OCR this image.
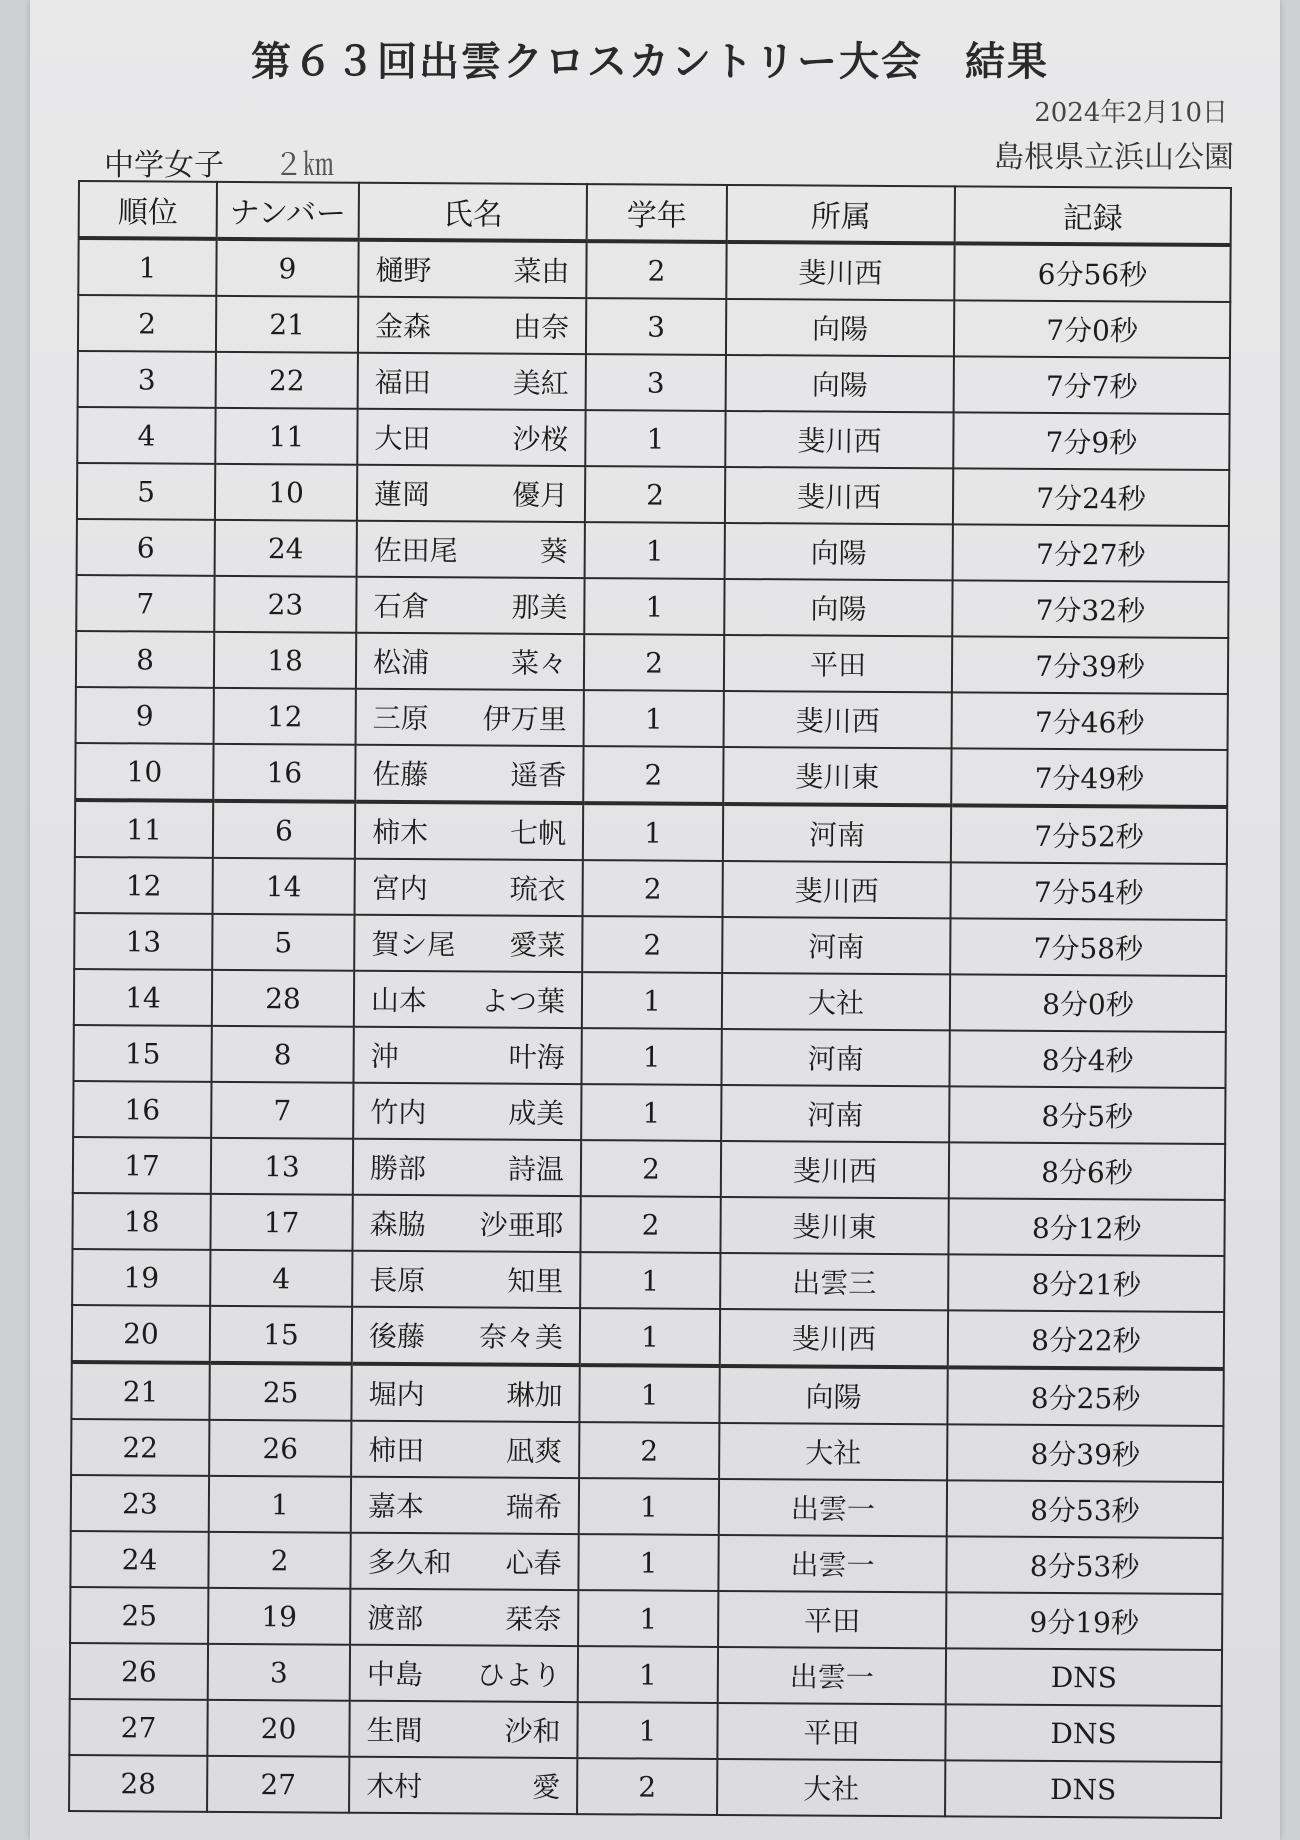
第６３回出雲クロスカントリー大会　結果
2024年2月10日
島根県立浜山公園
中学女子 ２㎞
順位	ナンバー	氏名	学年	所属	記録
1	9	樋野 菜由	2	斐川西	6分56秒
2	21	金森 由奈	3	向陽	7分0秒
3	22	福田 美紅	3	向陽	7分7秒
4	11	大田 沙桜	1	斐川西	7分9秒
5	10	蓮岡 優月	2	斐川西	7分24秒
6	24	佐田尾 葵	1	向陽	7分27秒
7	23	石倉 那美	1	向陽	7分32秒
8	18	松浦 菜々	2	平田	7分39秒
9	12	三原 伊万里	1	斐川西	7分46秒
10	16	佐藤 遥香	2	斐川東	7分49秒
11	6	柿木 七帆	1	河南	7分52秒
12	14	宮内 琉衣	2	斐川西	7分54秒
13	5	賀シ尾 愛菜	2	河南	7分58秒
14	28	山本 よつ葉	1	大社	8分0秒
15	8	沖 叶海	1	河南	8分4秒
16	7	竹内 成美	1	河南	8分5秒
17	13	勝部 詩温	2	斐川西	8分6秒
18	17	森脇 沙亜耶	2	斐川東	8分12秒
19	4	長原 知里	1	出雲三	8分21秒
20	15	後藤 奈々美	1	斐川西	8分22秒
21	25	堀内 琳加	1	向陽	8分25秒
22	26	柿田 凪爽	2	大社	8分39秒
23	1	嘉本 瑞希	1	出雲一	8分53秒
24	2	多久和 心春	1	出雲一	8分53秒
25	19	渡部 栞奈	1	平田	9分19秒
26	3	中島 ひより	1	出雲一	DNS
27	20	生間 沙和	1	平田	DNS
28	27	木村 愛	2	大社	DNS
